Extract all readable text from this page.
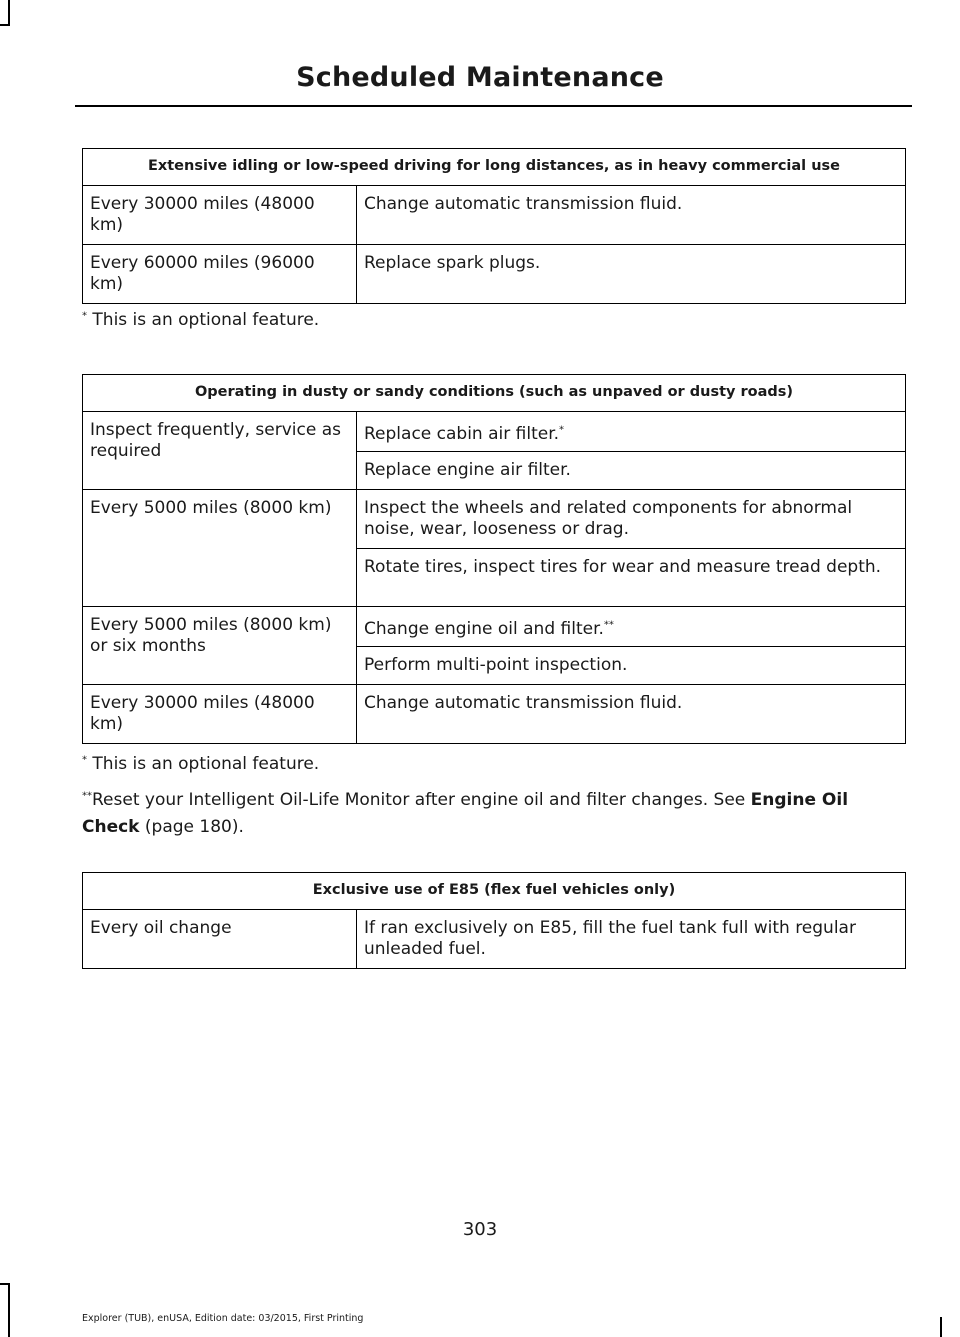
Scheduled Maintenance
Extensive idling or low-speed driving for long distances, as in heavy commercial use	
Every 30000 miles (48000 km)	Change automatic transmission fluid.
Every 60000 miles (96000 km)	Replace spark plugs.
* This is an optional feature.
Operating in dusty or sandy conditions (such as unpaved or dusty roads)	
Inspect frequently, service as required	Replace cabin air filter.*
	Replace engine air filter.
Every 5000 miles (8000 km)	Inspect the wheels and related components for abnormal noise, wear, looseness or drag.
	Rotate tires, inspect tires for wear and measure tread depth.
Every 5000 miles (8000 km) or six months	Change engine oil and filter.**
	Perform multi-point inspection.
Every 30000 miles (48000 km)	Change automatic transmission fluid.
* This is an optional feature.
**Reset your Intelligent Oil-Life Monitor after engine oil and filter changes. See Engine Oil Check (page 180).
Exclusive use of E85 (flex fuel vehicles only)
Every oil change	If ran exclusively on E85, fill the fuel tank full with regular unleaded fuel.
303
Explorer (TUB), enUSA, Edition date: 03/2015, First Printing
